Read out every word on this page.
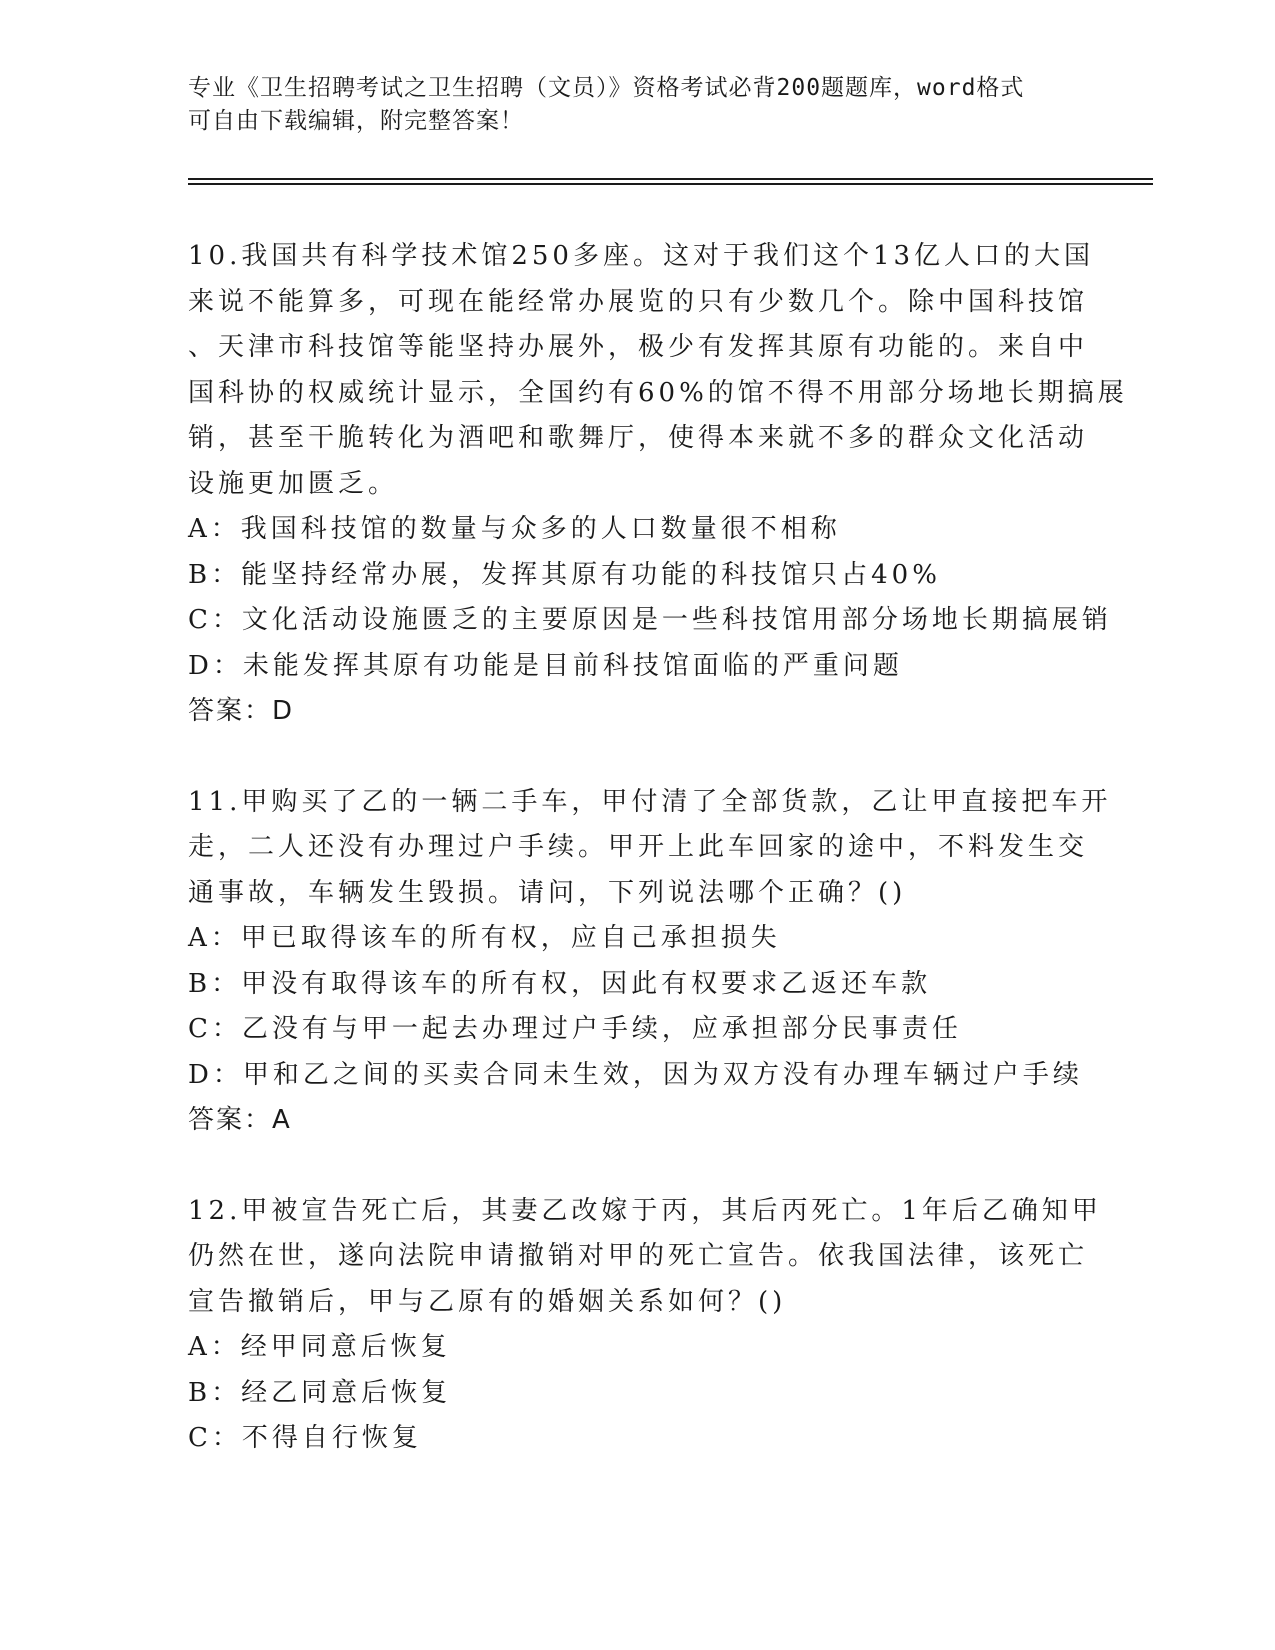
专业《卫生招聘考试之卫生招聘（文员）》资格考试必背200题题库，word格式
可自由下载编辑，附完整答案！
10.我国共有科学技术馆250多座。这对于我们这个13亿人口的大国
来说不能算多，可现在能经常办展览的只有少数几个。除中国科技馆
、天津市科技馆等能坚持办展外，极少有发挥其原有功能的。来自中
国科协的权威统计显示，全国约有60%的馆不得不用部分场地长期搞展
销，甚至干脆转化为酒吧和歌舞厅，使得本来就不多的群众文化活动
设施更加匮乏。
A：我国科技馆的数量与众多的人口数量很不相称
B：能坚持经常办展，发挥其原有功能的科技馆只占40%
C：文化活动设施匮乏的主要原因是一些科技馆用部分场地长期搞展销
D：未能发挥其原有功能是目前科技馆面临的严重问题
答案：D
11.甲购买了乙的一辆二手车，甲付清了全部货款，乙让甲直接把车开
走，二人还没有办理过户手续。甲开上此车回家的途中，不料发生交
通事故，车辆发生毁损。请问，下列说法哪个正确？()
A：甲已取得该车的所有权，应自己承担损失
B：甲没有取得该车的所有权，因此有权要求乙返还车款
C：乙没有与甲一起去办理过户手续，应承担部分民事责任
D：甲和乙之间的买卖合同未生效，因为双方没有办理车辆过户手续
答案：A
12.甲被宣告死亡后，其妻乙改嫁于丙，其后丙死亡。1年后乙确知甲
仍然在世，遂向法院申请撤销对甲的死亡宣告。依我国法律，该死亡
宣告撤销后，甲与乙原有的婚姻关系如何？()
A：经甲同意后恢复
B：经乙同意后恢复
C：不得自行恢复
